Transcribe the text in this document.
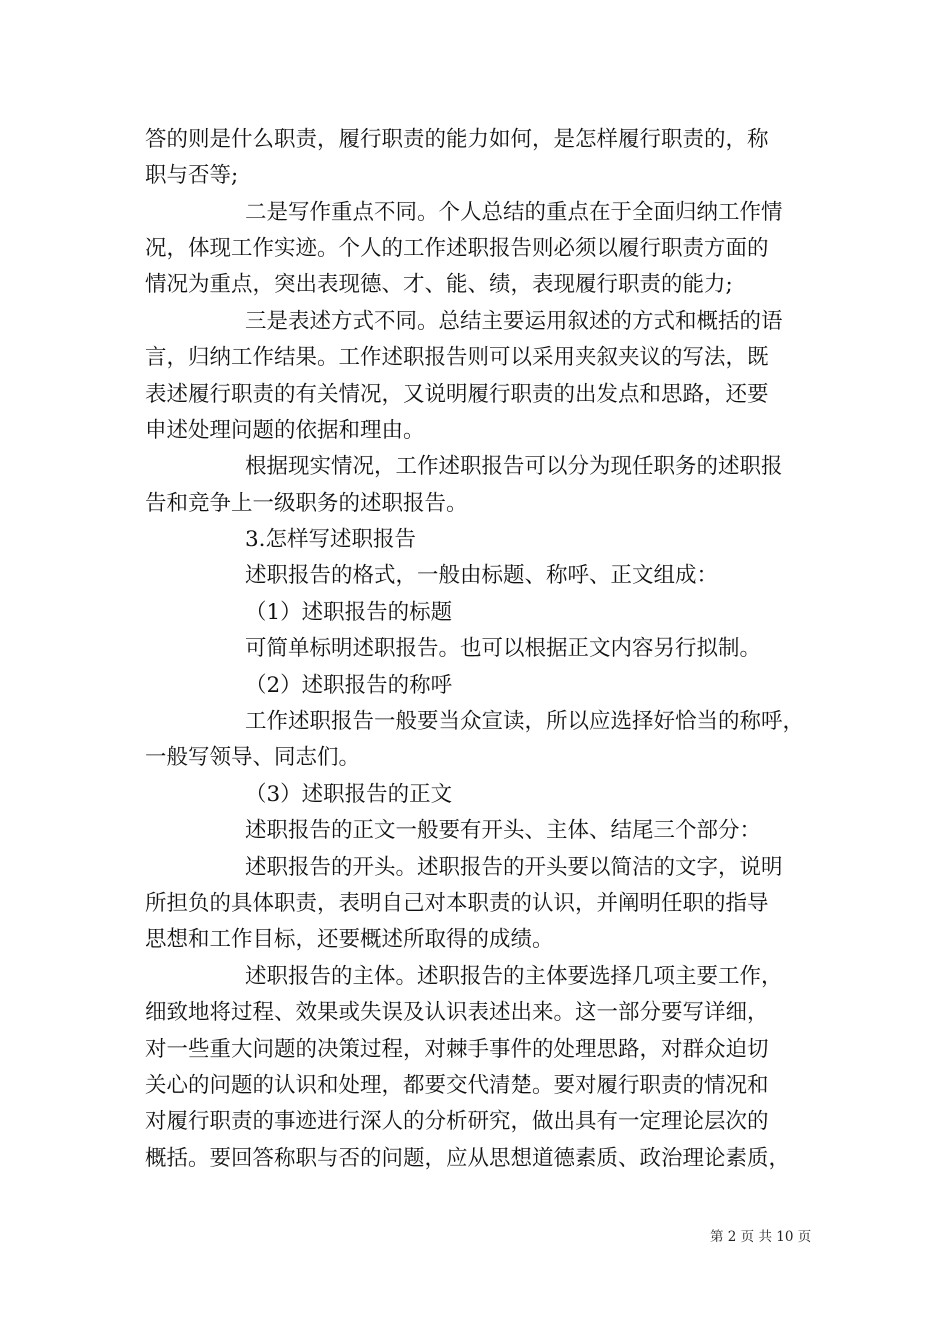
答的则是什么职责，履行职责的能力如何，是怎样履行职责的，称
职与否等;
二是写作重点不同。个人总结的重点在于全面归纳工作情
况，体现工作实迹。个人的工作述职报告则必须以履行职责方面的
情况为重点，突出表现德、才、能、绩，表现履行职责的能力;
三是表述方式不同。总结主要运用叙述的方式和概括的语
言，归纳工作结果。工作述职报告则可以采用夹叙夹议的写法，既
表述履行职责的有关情况，又说明履行职责的出发点和思路，还要
申述处理问题的依据和理由。
根据现实情况，工作述职报告可以分为现任职务的述职报
告和竞争上一级职务的述职报告。
3.怎样写述职报告
述职报告的格式，一般由标题、称呼、正文组成：
（1）述职报告的标题
可简单标明述职报告。也可以根据正文内容另行拟制。
（2）述职报告的称呼
工作述职报告一般要当众宣读，所以应选择好恰当的称呼，
一般写领导、同志们。
（3）述职报告的正文
述职报告的正文一般要有开头、主体、结尾三个部分：
述职报告的开头。述职报告的开头要以简洁的文字，说明
所担负的具体职责，表明自己对本职责的认识，并阐明任职的指导
思想和工作目标，还要概述所取得的成绩。
述职报告的主体。述职报告的主体要选择几项主要工作，
细致地将过程、效果或失误及认识表述出来。这一部分要写详细，
对一些重大问题的决策过程，对棘手事件的处理思路，对群众迫切
关心的问题的认识和处理，都要交代清楚。要对履行职责的情况和
对履行职责的事迹进行深人的分析研究，做出具有一定理论层次的
概括。要回答称职与否的问题，应从思想道德素质、政治理论素质，
第 2 页 共 10 页
